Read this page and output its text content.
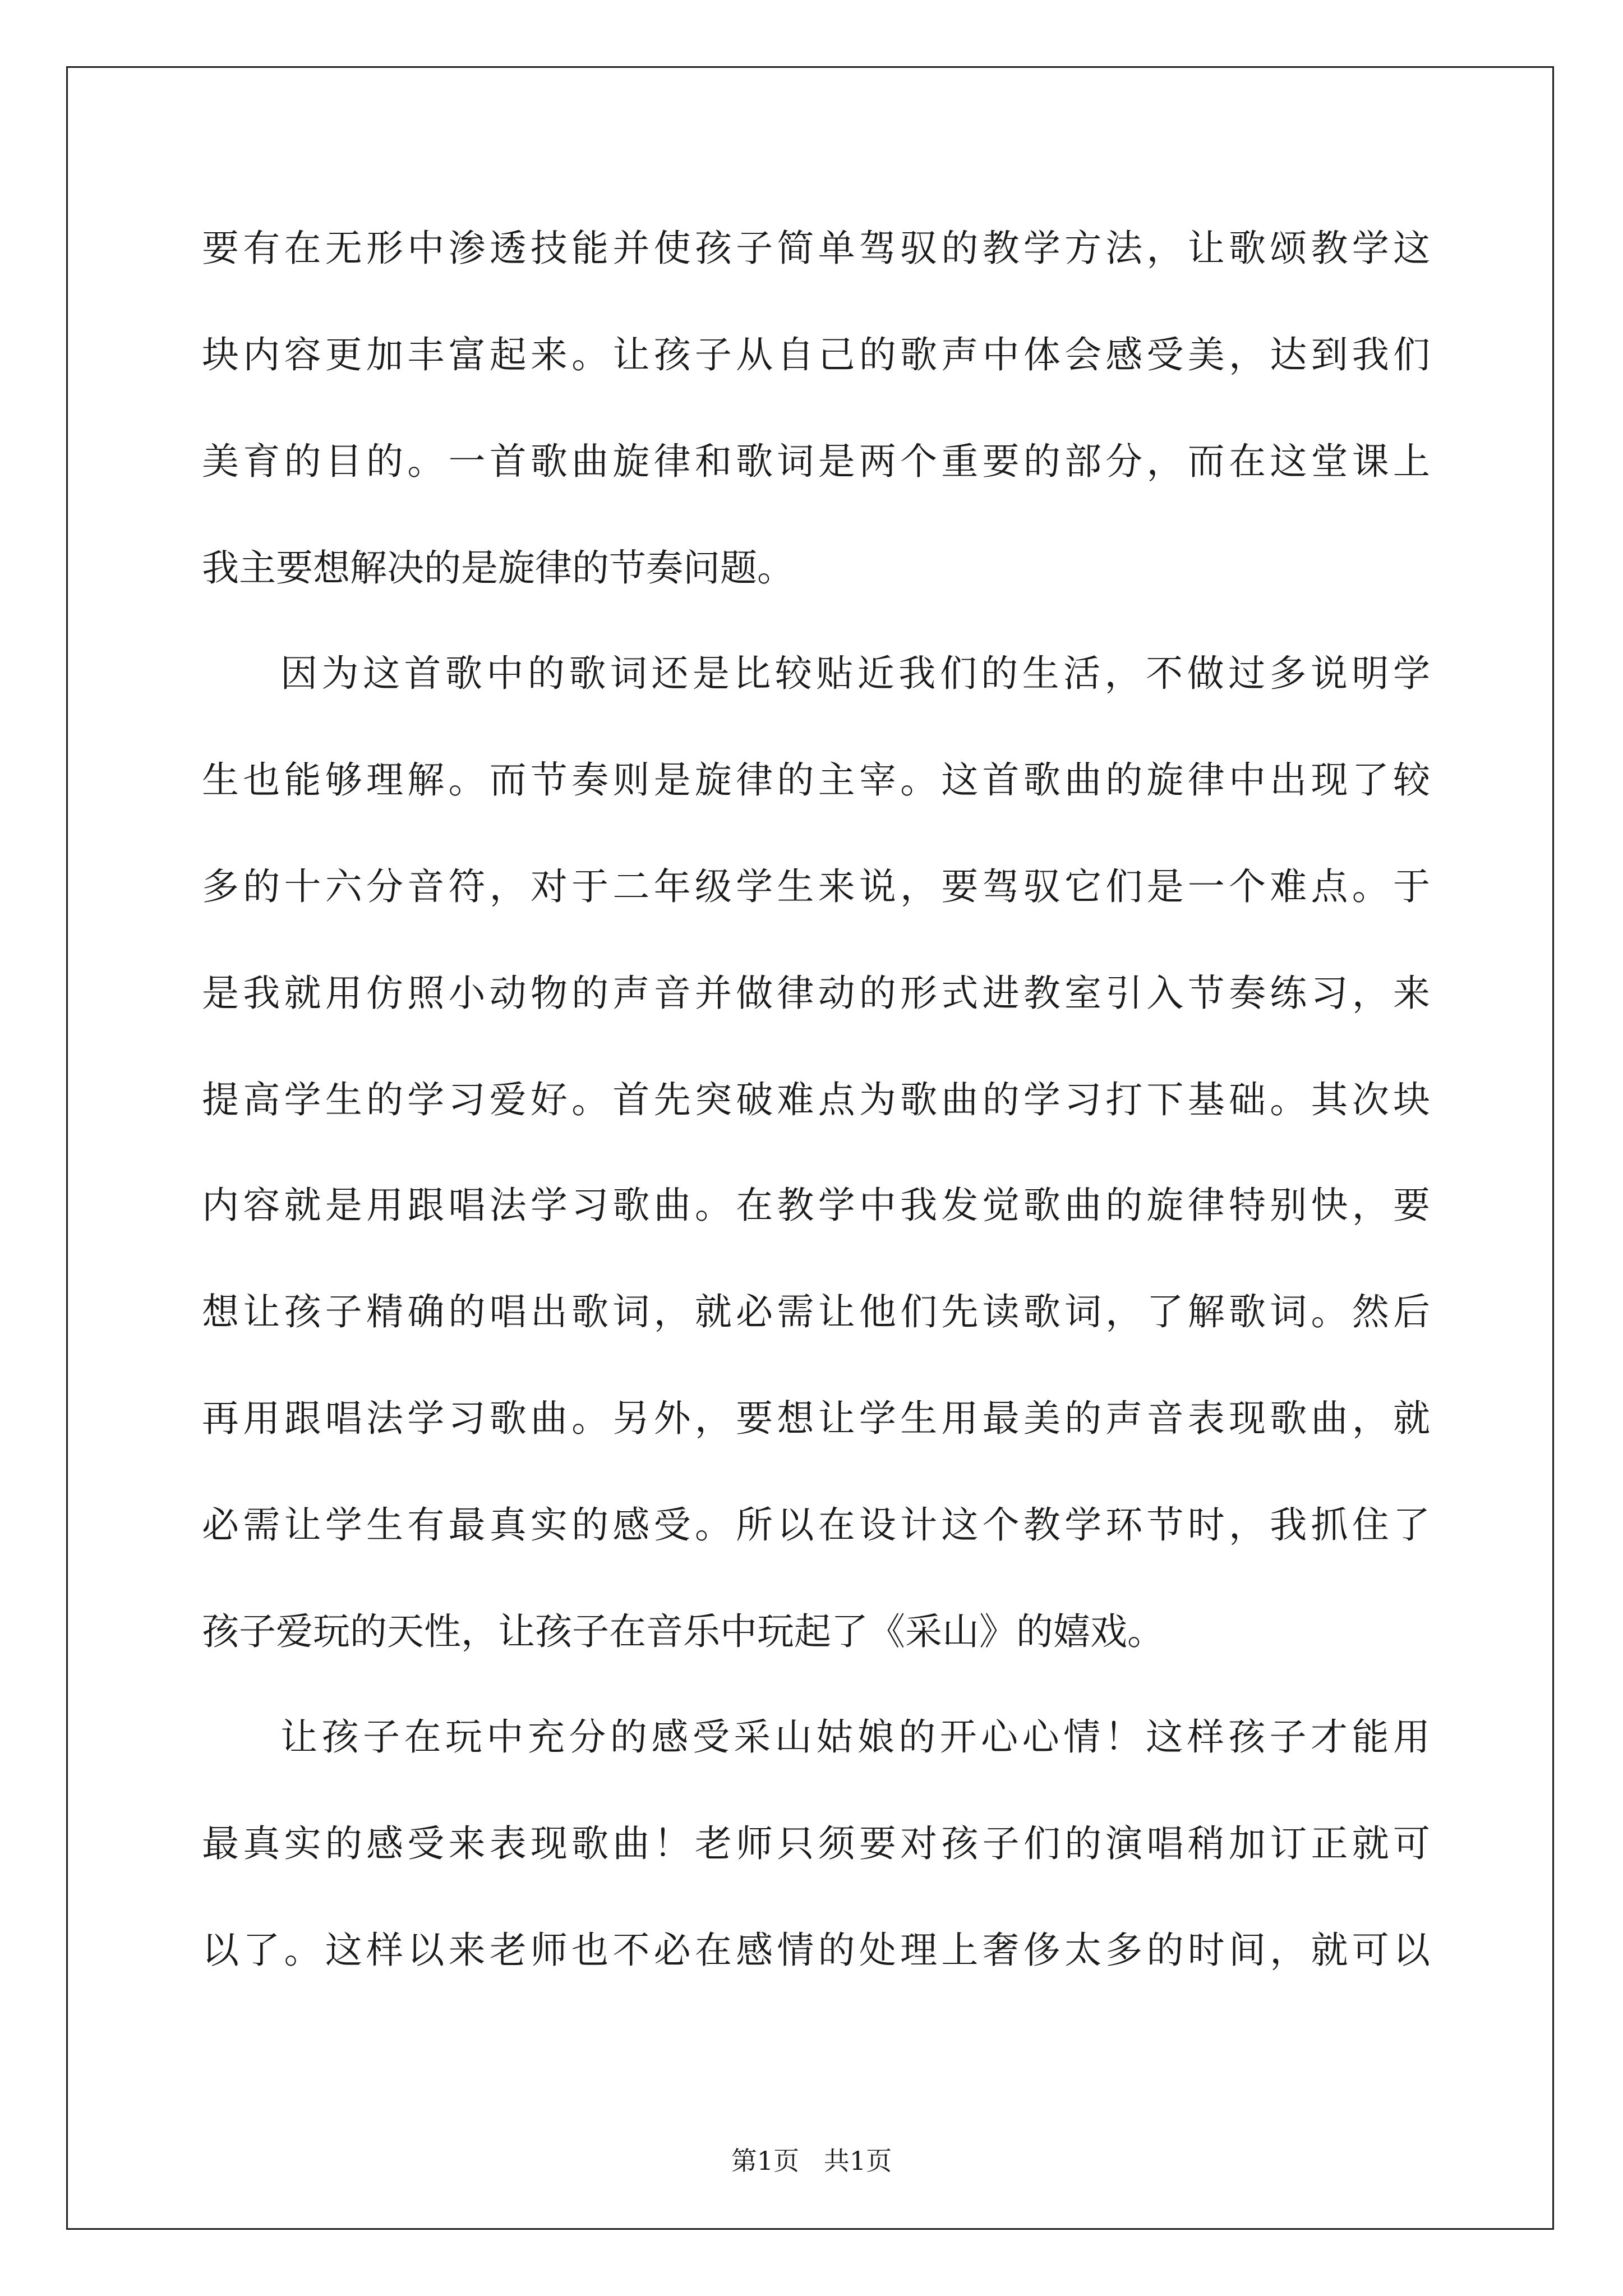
要有在无形中渗透技能并使孩子简单驾驭的教学方法，让歌颂教学这
块内容更加丰富起来。让孩子从自己的歌声中体会感受美，达到我们
美育的目的。一首歌曲旋律和歌词是两个重要的部分，而在这堂课上
我主要想解决的是旋律的节奏问题。
因为这首歌中的歌词还是比较贴近我们的生活，不做过多说明学
生也能够理解。而节奏则是旋律的主宰。这首歌曲的旋律中出现了较
多的十六分音符，对于二年级学生来说，要驾驭它们是一个难点。于
是我就用仿照小动物的声音并做律动的形式进教室引入节奏练习，来
提高学生的学习爱好。首先突破难点为歌曲的学习打下基础。其次块
内容就是用跟唱法学习歌曲。在教学中我发觉歌曲的旋律特别快，要
想让孩子精确的唱出歌词，就必需让他们先读歌词，了解歌词。然后
再用跟唱法学习歌曲。另外，要想让学生用最美的声音表现歌曲，就
必需让学生有最真实的感受。所以在设计这个教学环节时，我抓住了
孩子爱玩的天性，让孩子在音乐中玩起了《采山》的嬉戏。
让孩子在玩中充分的感受采山姑娘的开心心情！这样孩子才能用
最真实的感受来表现歌曲！老师只须要对孩子们的演唱稍加订正就可
以了。这样以来老师也不必在感情的处理上奢侈太多的时间，就可以
第1页   共1页
